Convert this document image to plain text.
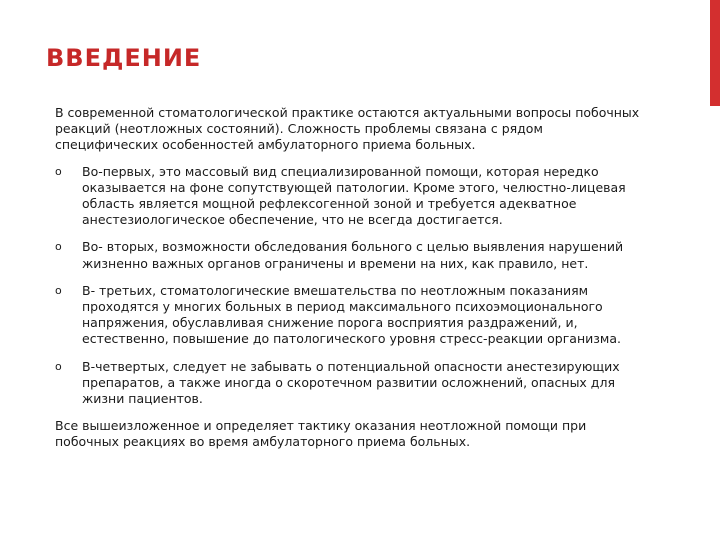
ВВЕДЕНИЕ

В современной стоматологической практике остаются актуальными вопросы побочных реакций (неотложных состояний). Сложность проблемы связана с рядом специфических особенностей амбулаторного приема больных.

o	Во-первых, это массовый вид специализированной помощи, которая нередко оказывается на фоне сопутствующей патологии. Кроме этого, челюстно-лицевая область является мощной рефлексогенной зоной и требуется адекватное анестезиологическое обеспечение, что не всегда достигается.
o	Во- вторых, возможности обследования больного с целью выявления нарушений жизненно важных органов ограничены и времени на них, как правило, нет.
o	В- третьих, стоматологические вмешательства по неотложным показаниям проходятся у многих больных в период максимального психоэмоционального напряжения, обуславливая снижение порога восприятия раздражений, и, естественно, повышение до патологического уровня стресс-реакции организма.
o	В-четвертых, следует не забывать о потенциальной опасности анестезирующих препаратов, а также иногда о скоротечном развитии осложнений, опасных для жизни пациентов.

Все вышеизложенное и определяет тактику оказания неотложной помощи при побочных реакциях во время амбулаторного приема больных.
